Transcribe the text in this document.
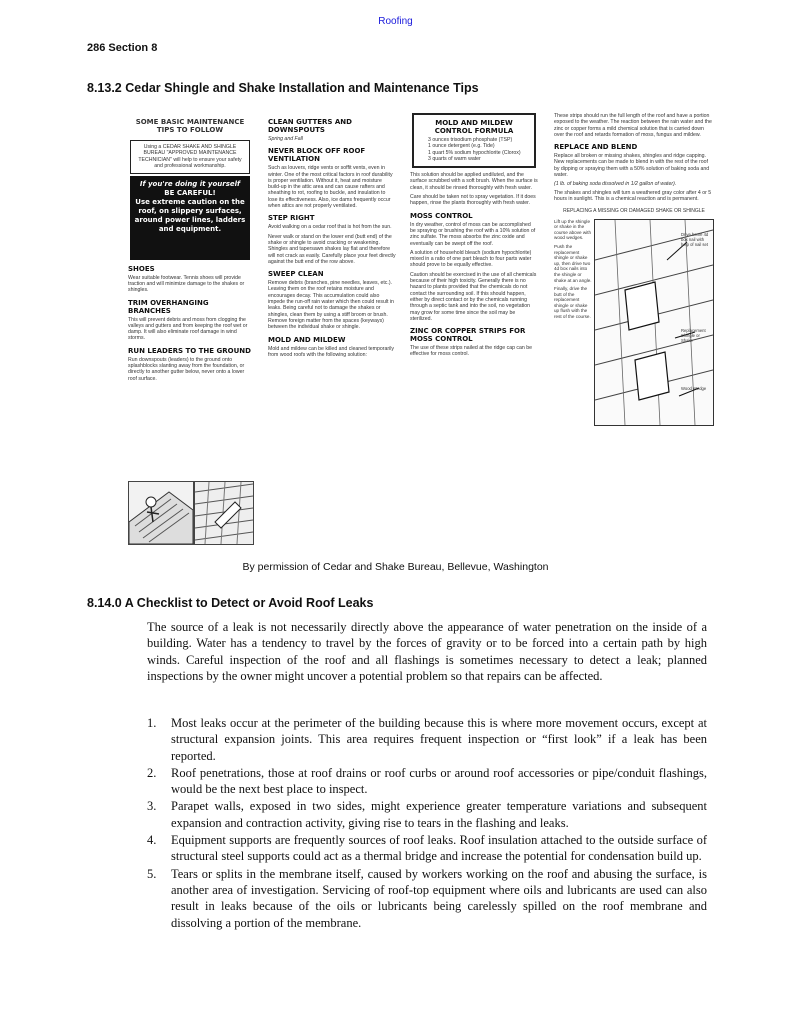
Roofing
286 Section 8
8.13.2 Cedar Shingle and Shake Installation and Maintenance Tips
SOME BASIC MAINTENANCE TIPS TO FOLLOW
Using a CEDAR SHAKE AND SHINGLE BUREAU "APPROVED MAINTENANCE TECHNICIAN" will help to ensure your safety and professional workmanship.
If you're doing it yourself
BE CAREFUL!
Use extreme caution on the roof, on slippery surfaces, around power lines, ladders and equipment.
SHOES

Wear suitable footwear. Tennis shoes will provide traction and will minimize damage to the shakes or shingles.

TRIM OVERHANGING BRANCHES

This will prevent debris and moss from clogging the valleys and gutters and from keeping the roof wet or damp. It will also eliminate roof damage in wind storms.

RUN LEADERS TO THE GROUND

Run downspouts (leaders) to the ground onto splashblocks slanting away from the foundation, or directly to another gutter below, never onto a lower roof surface.

CLEAN GUTTERS AND DOWNSPOUTS
Spring and Fall
NEVER BLOCK OFF ROOF VENTILATION

Such as louvers, ridge vents or soffit vents, even in winter. One of the most critical factors in roof durability is proper ventilation. Without it, heat and moisture build-up in the attic area and can cause rafters and sheathing to rot, roofing to buckle, and insulation to lose its effectiveness. Also, ice dams frequently occur when attics are not properly ventilated.

STEP RIGHT

Avoid walking on a cedar roof that is hot from the sun.

Never walk or stand on the lower end (butt end) of the shake or shingle to avoid cracking or weakening. Shingles and tapersawn shakes lay flat and therefore will not crack as easily. Carefully place your feet directly against the butt end of the row above.

SWEEP CLEAN

Remove debris (branches, pine needles, leaves, etc.). Leaving them on the roof retains moisture and encourages decay. This accumulation could also impede the run-off rain water which then could result in leaks. Being careful not to damage the shakes or shingles, clean them by using a stiff broom or brush. Remove foreign matter from the spaces (keyways) between the individual shake or shingle.

MOLD AND MILDEW

Mold and mildew can be killed and cleaned temporarily from wood roofs with the following solution:

MOLD AND MILDEW CONTROL FORMULA
3 ounces trisodium phosphate (TSP)
1 ounce detergent (e.g. Tide)
1 quart 5% sodium hypochlorite (Clorox)
3 quarts of warm water

This solution should be applied undiluted, and the surface scrubbed with a soft brush. When the surface is clean, it should be rinsed thoroughly with fresh water.

Care should be taken not to spray vegetation. If it does happen, rinse the plants thoroughly with fresh water.

MOSS CONTROL

In dry weather, control of moss can be accomplished be spraying or brushing the roof with a 10% solution of zinc sulfate. The moss absorbs the zinc oxide and eventually can be swept off the roof.

A solution of household bleach (sodium hypochlorite) mixed in a ratio of one part bleach to four parts water should prove to be equally effective.

Caution should be exercised in the use of all chemicals because of their high toxicity. Generally there is no hazard to plants provided that the chemicals do not contact the surrounding soil. If this should happen, either by direct contact or by the chemicals running through a septic tank and into the soil, no vegetation may grow for some time since the soil may be sterilized.

ZINC OR COPPER STRIPS FOR MOSS CONTROL

The use of these strips nailed at the ridge cap can be effective for moss control.

These strips should run the full length of the roof and have a portion exposed to the weather. The reaction between the rain water and the zinc or copper forms a mild chemical solution that is carried down over the roof and retards formation of moss, fungus and mildew.

REPLACE AND BLEND

Replace all broken or missing shakes, shingles and ridge capping. New replacements can be made to blend in with the rest of the roof by dipping or spraying them with a 50% solution of baking soda and water.

(1 lb. of baking soda dissolved in 1/2 gallon of water).

The shakes and shingles will turn a weathered gray color after 4 or 5 hours in sunlight. This is a chemical reaction and is permanent.

REPLACING A MISSING OR DAMAGED SHAKE OR SHINGLE

Lift up the shingle or shake in the course above with wood wedges.

Push the replacement shingle or shake up, then drive two 4d box nails into the shingle or shake at an angle.

Finally, drive the butt of the replacement shingle or shake up flush with the rest of the course.

Drive home 4d box nail with help of nail set
Replacement Shingle or Shake
Wood Wedge
By permission of Cedar and Shake Bureau, Bellevue, Washington
8.14.0 A Checklist to Detect or Avoid Roof Leaks

The source of a leak is not necessarily directly above the appearance of water penetration on the inside of a building. Water has a tendency to travel by the forces of gravity or to be forced into a certain path by high winds. Careful inspection of the roof and all flashings is sometimes necessary to detect a leak; planned inspections by the owner might uncover a potential problem so that repairs can be affected.

1. Most leaks occur at the perimeter of the building because this is where more movement occurs, except at structural expansion joints. This area requires frequent inspection or “first look” if a leak has been reported.
2. Roof penetrations, those at roof drains or roof curbs or around roof accessories or pipe/conduit flashings, would be the next best place to inspect.
3. Parapet walls, exposed in two sides, might experience greater temperature variations and subsequent expansion and contraction activity, giving rise to tears in the flashing and leaks.
4. Equipment supports are frequently sources of roof leaks. Roof insulation attached to the outside surface of structural steel supports could act as a thermal bridge and increase the potential for condensation build up.
5. Tears or splits in the membrane itself, caused by workers working on the roof and abusing the surface, is another area of investigation. Servicing of roof-top equipment where oils and lubricants are used can also result in leaks because of the oils or lubricants being carelessly spilled on the roof membrane and dissolving a portion of the membrane.
